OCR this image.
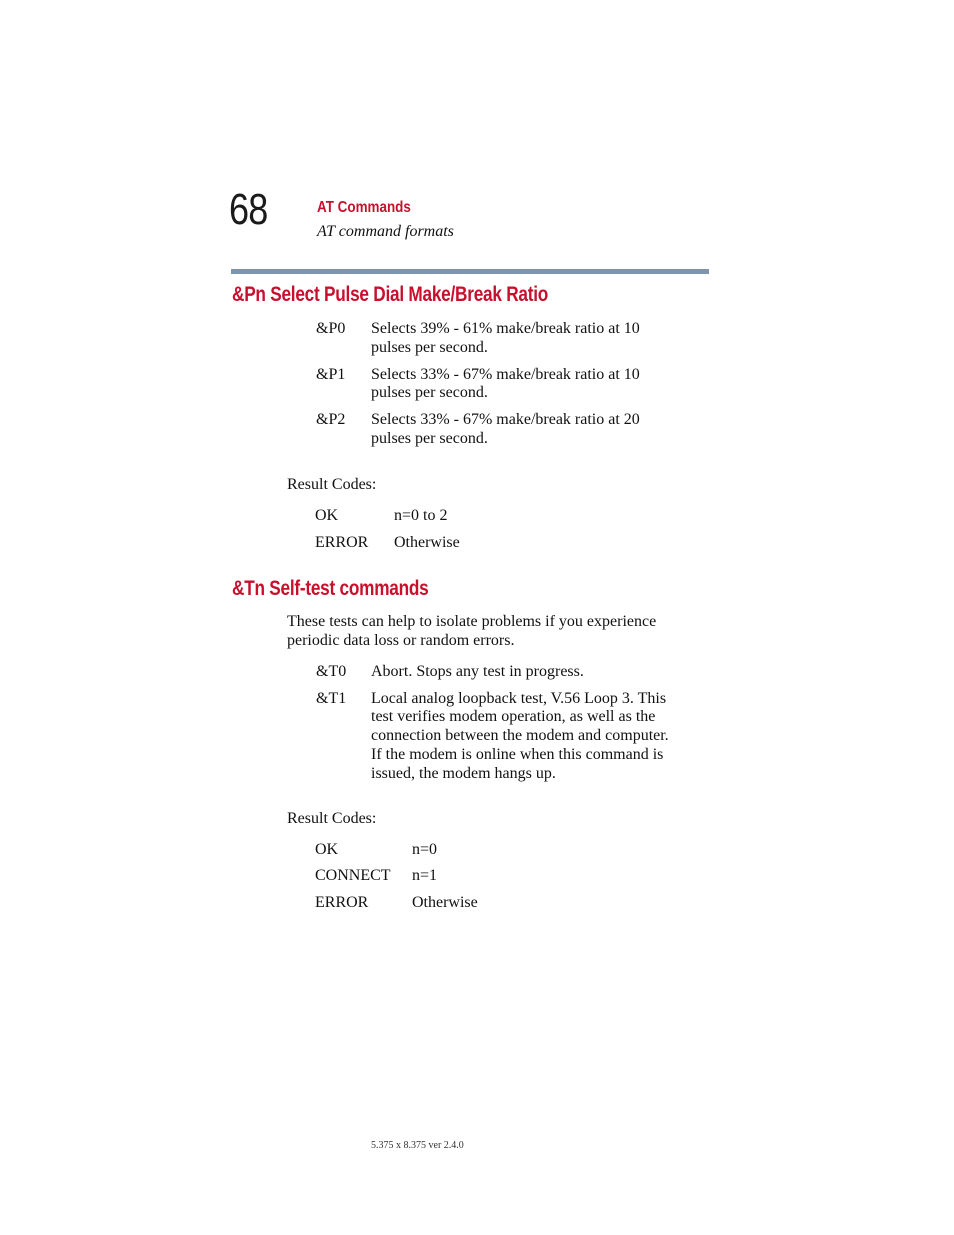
68	AT Commands
AT command formats
&Pn Select Pulse Dial Make/Break Ratio
&P0 Selects 39% - 61% make/break ratio at 10
pulses per second.
&P1 Selects 33% - 67% make/break ratio at 10
pulses per second.
&P2 Selects 33% - 67% make/break ratio at 20
pulses per second.
Result Codes:
OK	n=0 to 2
ERROR Otherwise
&Tn Self-test commands
These tests can help to isolate problems if you experience
periodic data loss or random errors.
&T0 Abort. Stops any test in progress.
&T1 Local analog loopback test, V.56 Loop 3. This
test verifies modem operation, as well as the
connection between the modem and computer.
If the modem is online when this command is
issued, the modem hangs up.
Result Codes:
OK	n=0
CONNECT n=1
ERROR	Otherwise
5.375 x 8.375 ver 2.4.0
